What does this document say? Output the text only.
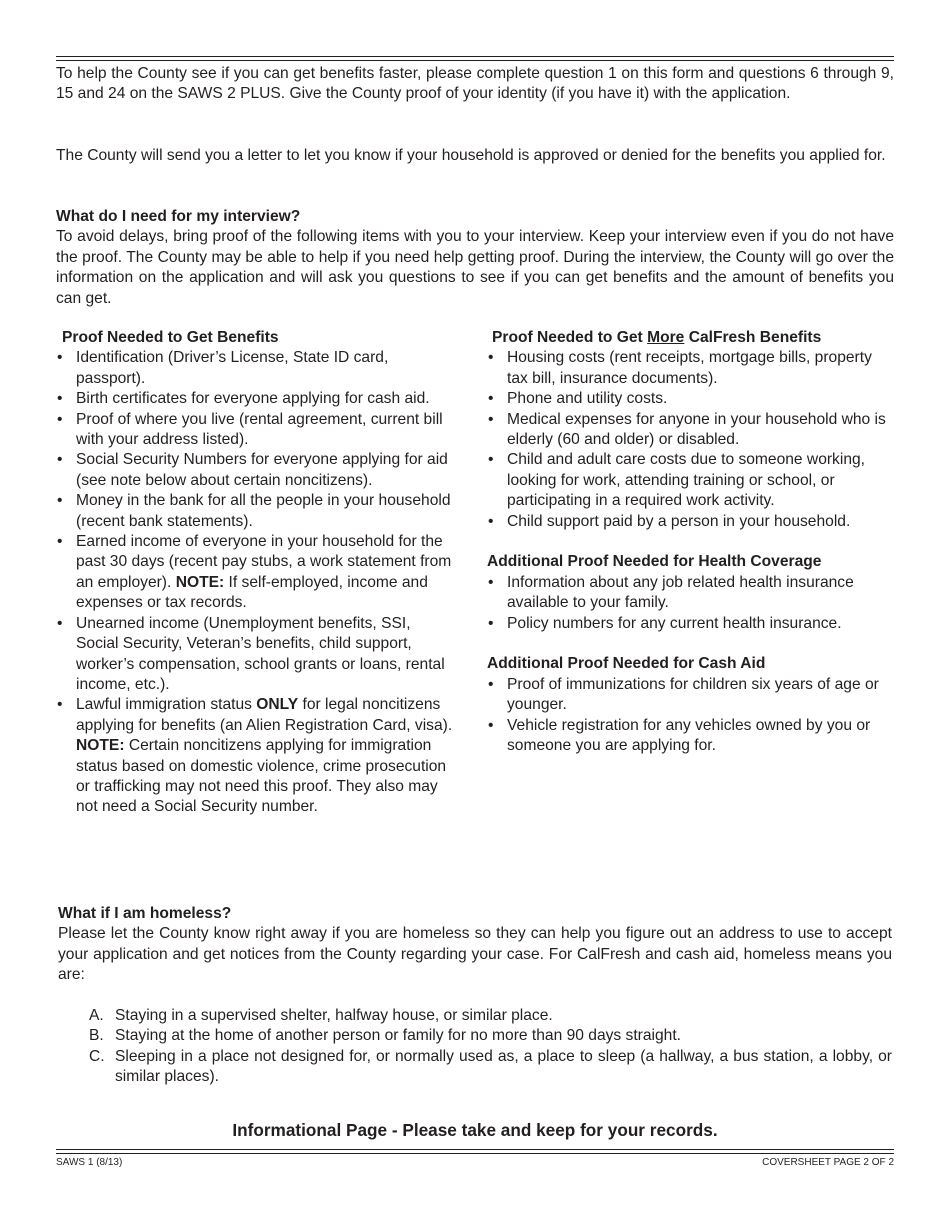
To help the County see if you can get benefits faster, please complete question 1 on this form and questions 6 through 9, 15 and 24 on the SAWS 2 PLUS. Give the County proof of your identity (if you have it) with the application.

The County will send you a letter to let you know if your household is approved or denied for the benefits you applied for.

What do I need for my interview?

To avoid delays, bring proof of the following items with you to your interview. Keep your interview even if you do not have the proof. The County may be able to help if you need help getting proof. During the interview, the County will go over the information on the application and will ask you questions to see if you can get benefits and the amount of benefits you can get.

Proof Needed to Get Benefits

• Identification (Driver’s License, State ID card, passport).
• Birth certificates for everyone applying for cash aid.
• Proof of where you live (rental agreement, current bill with your address listed).
• Social Security Numbers for everyone applying for aid (see note below about certain noncitizens).
• Money in the bank for all the people in your household (recent bank statements).
• Earned income of everyone in your household for the past 30 days (recent pay stubs, a work statement from an employer). NOTE: If self-employed, income and expenses or tax records.
• Unearned income (Unemployment benefits, SSI, Social Security, Veteran’s benefits, child support, worker’s compensation, school grants or loans, rental income, etc.).
• Lawful immigration status ONLY for legal noncitizens applying for benefits (an Alien Registration Card, visa).
NOTE: Certain noncitizens applying for immigration status based on domestic violence, crime prosecution or trafficking may not need this proof. They also may not need a Social Security number.

Proof Needed to Get More CalFresh Benefits

• Housing costs (rent receipts, mortgage bills, property tax bill, insurance documents).
• Phone and utility costs.
• Medical expenses for anyone in your household who is elderly (60 and older) or disabled.
• Child and adult care costs due to someone working, looking for work, attending training or school, or participating in a required work activity.
• Child support paid by a person in your household.

Additional Proof Needed for Health Coverage

• Information about any job related health insurance available to your family.
• Policy numbers for any current health insurance.

Additional Proof Needed for Cash Aid

• Proof of immunizations for children six years of age or younger.
• Vehicle registration for any vehicles owned by you or someone you are applying for.

What if I am homeless?

Please let the County know right away if you are homeless so they can help you figure out an address to use to accept your application and get notices from the County regarding your case. For CalFresh and cash aid, homeless means you are:

A. Staying in a supervised shelter, halfway house, or similar place.
B. Staying at the home of another person or family for no more than 90 days straight.
C. Sleeping in a place not designed for, or normally used as, a place to sleep (a hallway, a bus station, a lobby, or similar places).
Informational Page - Please take and keep for your records.
SAWS 1 (8/13)	COVERSHEET PAGE 2 OF 2
